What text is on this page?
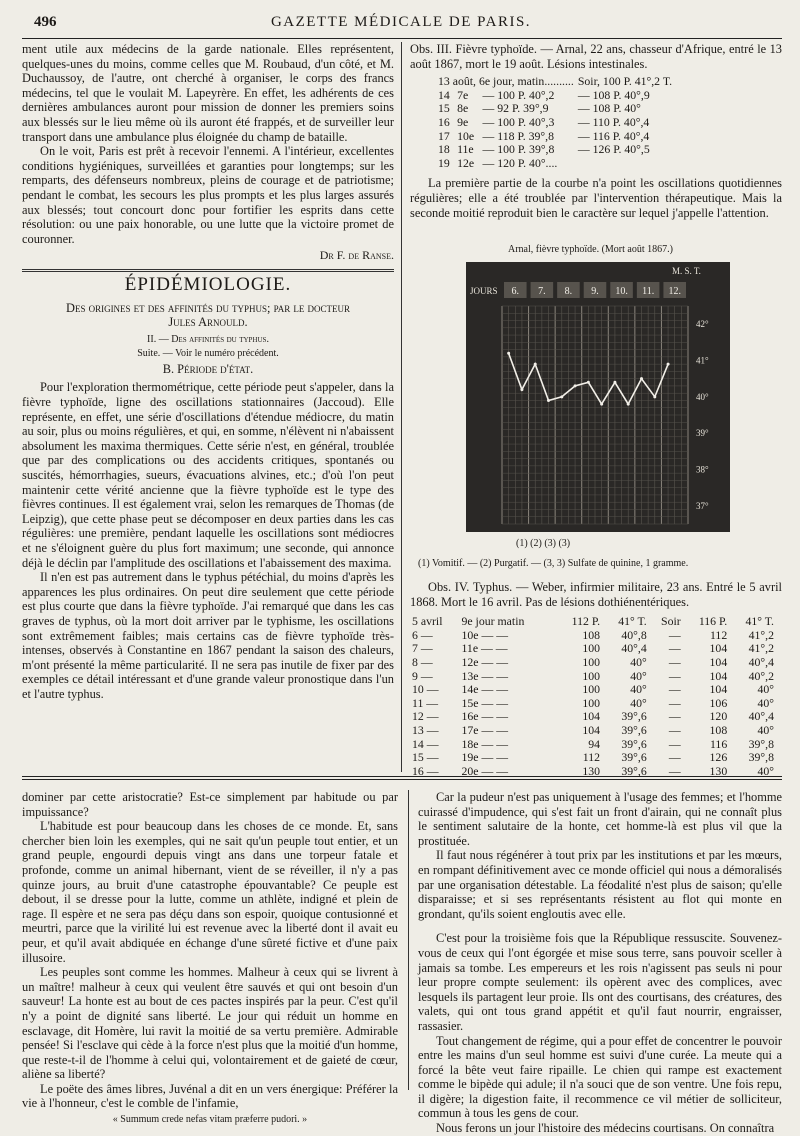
496	GAZETTE MÉDICALE DE PARIS.

ment utile aux médecins de la garde nationale. Elles représentent, quelques-unes du moins, comme celles que M. Roubaud, d'un côté, et M. Duchaussoy, de l'autre, ont cherché à organiser, le corps des francs médecins, tel que le voulait M. Lapeyrère. En effet, les adhérents de ces dernières ambulances auront pour mission de donner les premiers soins aux blessés sur le lieu même où ils auront été frappés, et de surveiller leur transport dans une ambulance plus éloignée du champ de bataille.

On le voit, Paris est prêt à recevoir l'ennemi. A l'intérieur, excellentes conditions hygiéniques, surveillées et garanties pour longtemps; sur les remparts, des défenseurs nombreux, pleins de courage et de patriotisme; pendant le combat, les secours les plus prompts et les plus larges assurés aux blessés; tout concourt donc pour fortifier les esprits dans cette résolution: ou une paix honorable, ou une lutte que la victoire promet de couronner.

Dr F. de Ranse.
ÉPIDÉMIOLOGIE.
Des origines et des affinités du typhus; par le docteur
Jules Arnould.
II. — Des affinités du typhus.
Suite. — Voir le numéro précédent.
B. Période d'état.

Pour l'exploration thermométrique, cette période peut s'appeler, dans la fièvre typhoïde, ligne des oscillations stationnaires (Jaccoud). Elle représente, en effet, une série d'oscillations d'étendue médiocre, du matin au soir, plus ou moins régulières, et qui, en somme, n'élèvent ni n'abaissent absolument les maxima thermiques. Cette série n'est, en général, troublée que par des complications ou des accidents critiques, spontanés ou suscités, hémorrhagies, sueurs, évacuations alvines, etc.; d'où l'on peut maintenir cette vérité ancienne que la fièvre typhoïde est le type des fièvres continues. Il est également vrai, selon les remarques de Thomas (de Leipzig), que cette phase peut se décomposer en deux parties dans les cas régulières: une première, pendant laquelle les oscillations sont médiocres et ne s'éloignent guère du plus fort maximum; une seconde, qui annonce déjà le déclin par l'amplitude des oscillations et l'abaissement des maxima.

Il n'en est pas autrement dans le typhus pétéchial, du moins d'après les apparences les plus ordinaires. On peut dire seulement que cette période est plus courte que dans la fièvre typhoïde. J'ai remarqué que dans les cas graves de typhus, où la mort doit arriver par le typhisme, les oscillations sont extrêmement faibles; mais certains cas de fièvre typhoïde très-intenses, observés à Constantine en 1867 pendant la saison des chaleurs, m'ont présenté la même particularité. Il ne sera pas inutile de fixer par des exemples ce détail intéressant et d'une grande valeur pronostique dans l'un et l'autre typhus.

Obs. III. Fièvre typhoïde. — Arnal, 22 ans, chasseur d'Afrique, entré le 13 août 1867, mort le 19 août. Lésions intestinales.

13 août, 6e jour, matin..........			Soir, 100 P. 41°,2 T.
14	7e	— 100 P. 40°,2	— 108 P. 40°,9
15	8e	— 92 P. 39°,9	— 108 P. 40°
16	9e	— 100 P. 40°,3	— 110 P. 40°,4
17	10e	— 118 P. 39°,8	— 116 P. 40°,4
18	11e	— 100 P. 39°,8	— 126 P. 40°,5
19	12e	— 120 P. 40°....	

La première partie de la courbe n'a point les oscillations quotidiennes régulières; elle a été troublée par l'intervention thérapeutique. Mais la seconde moitié reproduit bien le caractère sur lequel j'appelle l'attention.

Arnal, fièvre typhoïde. (Mort août 1867.)
M. S. T.
JOURS 6. 7. 8. 9. 10. 11. 12.
42°
41°
40°
39°
38°
37°
(1) (2) (3) (3)
(1) Vomitif. — (2) Purgatif. — (3, 3) Sulfate de quinine, 1 gramme.

Obs. IV. Typhus. — Weber, infirmier militaire, 23 ans. Entré le 5 avril 1868. Mort le 16 avril. Pas de lésions dothiénentériques.

5 avril	9e jour matin	112 P.	41° T.	Soir	116 P.	41° T.
6 —	10e — —	108	40°,8	—	112	41°,2
7 —	11e — —	100	40°,4	—	104	41°,2
8 —	12e — —	100	40°	—	104	40°,4
9 —	13e — —	100	40°	—	104	40°,2
10 —	14e — —	100	40°	—	104	40°
11 —	15e — —	100	40°	—	106	40°
12 —	16e — —	104	39°,6	—	120	40°,4
13 —	17e — —	104	39°,6	—	108	40°
14 —	18e — —	94	39°,6	—	116	39°,8
15 —	19e — —	112	39°,6	—	126	39°,8
16 —	20e — —	130	39°,6	—	130	40°

dominer par cette aristocratie? Est-ce simplement par habitude ou par impuissance?

L'habitude est pour beaucoup dans les choses de ce monde. Et, sans chercher bien loin les exemples, qui ne sait qu'un peuple tout entier, et un grand peuple, engourdi depuis vingt ans dans une torpeur fatale et profonde, comme un animal hibernant, vient de se réveiller, il n'y a pas quinze jours, au bruit d'une catastrophe épouvantable? Ce peuple est debout, il se dresse pour la lutte, comme un athlète, indigné et plein de rage. Il espère et ne sera pas déçu dans son espoir, quoique contusionné et meurtri, parce que la virilité lui est revenue avec la liberté dont il avait eu peur, et qu'il avait abdiquée en échange d'une sûreté fictive et d'une paix illusoire.

Les peuples sont comme les hommes. Malheur à ceux qui se livrent à un maître! malheur à ceux qui veulent être sauvés et qui ont besoin d'un sauveur! La honte est au bout de ces pactes inspirés par la peur. C'est qu'il n'y a point de dignité sans liberté. Le jour qui réduit un homme en esclavage, dit Homère, lui ravit la moitié de sa vertu première. Admirable pensée! Si l'esclave qui cède à la force n'est plus que la moitié d'un homme, que reste-t-il de l'homme à celui qui, volontairement et de gaieté de cœur, aliène sa liberté?

Le poëte des âmes libres, Juvénal a dit en un vers énergique: Préférer la vie à l'honneur, c'est le comble de l'infamie,

« Summum crede nefas vitam præferre pudori. »

Car la pudeur n'est pas uniquement à l'usage des femmes; et l'homme cuirassé d'impudence, qui s'est fait un front d'airain, qui ne connaît plus le sentiment salutaire de la honte, cet homme-là est plus vil que la prostituée.

Il faut nous régénérer à tout prix par les institutions et par les mœurs, en rompant définitivement avec ce monde officiel qui nous a démoralisés par une organisation détestable. La féodalité n'est plus de saison; qu'elle disparaisse; et si ses représentants résistent au flot qui monte en grondant, qu'ils soient engloutis avec elle.

C'est pour la troisième fois que la République ressuscite. Souvenez-vous de ceux qui l'ont égorgée et mise sous terre, sans pouvoir sceller à jamais sa tombe. Les empereurs et les rois n'agissent pas seuls ni pour leur propre compte seulement: ils opèrent avec des complices, avec lesquels ils partagent leur proie. Ils ont des courtisans, des créatures, des valets, qui ont tous grand appétit et qu'il faut nourrir, engraisser, rassasier.

Tout changement de régime, qui a pour effet de concentrer le pouvoir entre les mains d'un seul homme est suivi d'une curée. La meute qui a forcé la bête veut faire ripaille. Le chien qui rampe est exactement comme le bipède qui adule; il n'a souci que de son ventre. Une fois repu, il digère; la digestion faite, il recommence ce vil métier de solliciteur, commun à tous les gens de cour.

Nous ferons un jour l'histoire des médecins courtisans. On connaîtra
